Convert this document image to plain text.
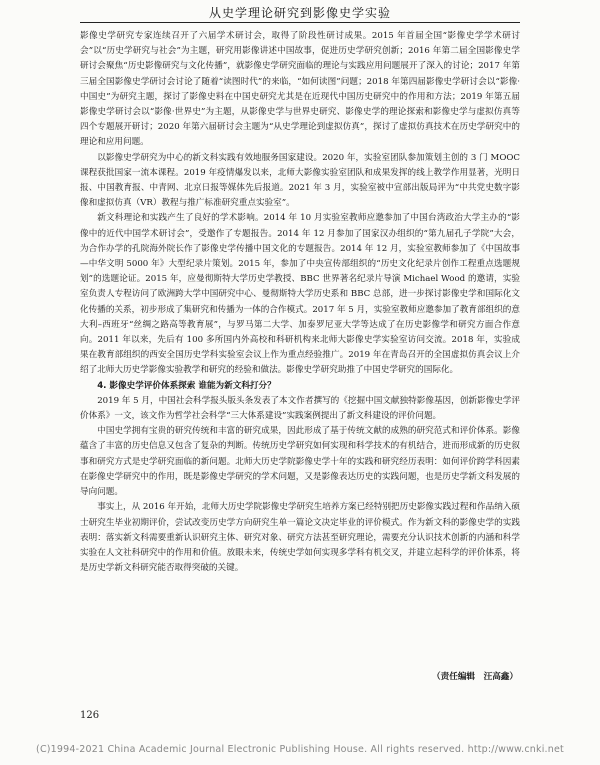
从史学理论研究到影像史学实验

影像史学研究专家连续召开了六届学术研讨会，取得了阶段性研讨成果。2015 年首届全国“影像史学学术研讨会”以“历史学研究与社会”为主题，研究用影像讲述中国故事，促进历史学研究创新；2016 年第二届全国影像史学研讨会聚焦“历史影像研究与文化传播”，就影像史学研究面临的理论与实践应用问题展开了深入的讨论；2017 年第三届全国影像史学研讨会讨论了随着“读图时代”的来临，“如何读图”问题；2018 年第四届影像史学研讨会以“影像·中国史”为研究主题，探讨了影像史料在中国史研究尤其是在近现代中国历史研究中的作用和方法；2019 年第五届影像史学研讨会以“影像·世界史”为主题，从影像史学与世界史研究、影像史学的理论探索和影像史学与虚拟仿真等四个专题展开研讨；2020 年第六届研讨会主题为“从史学理论到虚拟仿真”，探讨了虚拟仿真技术在历史学研究中的理论和应用问题。

以影像史学研究为中心的新文科实践有效地服务国家建设。2020 年，实验室团队参加策划主创的 3 门 MOOC 课程获批国家一流本课程。2019 年疫情爆发以来，北师大影像实验室团队和成果发挥的线上教学作用显著，光明日报、中国教育报、中青网、北京日报等媒体先后报道。2021 年 3 月，实验室被中宣部出版局评为“中共党史数字影像和虚拟仿真（VR）教程与推广标准研究重点实验室”。

新文科理论和实践产生了良好的学术影响。2014 年 10 月实验室教师应邀参加了中国台湾政治大学主办的“影像中的近代中国学术研讨会”，受邀作了专题报告。2014 年 12 月参加了国家汉办组织的“第九届孔子学院”大会，为合作办学的孔院海外院长作了影像史学传播中国文化的专题报告。2014 年 12 月，实验室教师参加了《中国故事—中华文明 5000 年》大型纪录片策划。2015 年，参加了中央宣传部组织的“历史文化纪录片创作工程重点选题规划”的选题论证。2015 年，应曼彻斯特大学历史学教授、BBC 世界著名纪录片导演 Michael Wood 的邀请，实验室负责人专程访问了欧洲跨大学中国研究中心、曼彻斯特大学历史系和 BBC 总部，进一步探讨影像史学和国际化文化传播的关系，初步形成了集研究和传播为一体的合作模式。2017 年 5 月，实验室教师应邀参加了教育部组织的意大利–西班牙“丝绸之路高等教育展”，与罗马第二大学、加泰罗尼亚大学等达成了在历史影像学和研究方面合作意向。2011 年以来，先后有 100 多所国内外高校和科研机构来北师大影像史学实验室访问交流。2018 年，实验成果在教育部组织的西安全国历史学科实验室会议上作为重点经验推广。2019 年在青岛召开的全国虚拟仿真会议上介绍了北师大历史学影像实验教学和研究的经验和做法。影像史学研究助推了中国史学研究的国际化。

4. 影像史学评价体系探索 谁能为新文科打分？

2019 年 5 月，中国社会科学报头版头条发表了本文作者撰写的《挖掘中国文献独特影像基因，创新影像史学评价体系》一文，该文作为哲学社会科学“三大体系建设”实践案例提出了新文科建设的评价问题。

中国史学拥有宝贵的研究传统和丰富的研究成果，因此形成了基于传统文献的成熟的研究范式和评价体系。影像蕴含了丰富的历史信息又包含了复杂的判断。传统历史学研究如何实现和科学技术的有机结合，进而形成新的历史叙事和研究方式是史学研究面临的新问题。北师大历史学院影像史学十年的实践和研究经历表明：如何评价跨学科因素在影像史学研究中的作用，既是影像史学研究的学术问题，又是影像表达历史的实践问题，也是历史学新文科发展的导向问题。

事实上，从 2016 年开始，北师大历史学院影像史学研究生培养方案已经特别把历史影像实践过程和作品纳入硕士研究生毕业初期评价，尝试改变历史学方向研究生单一篇论文决定毕业的评价模式。作为新文科的影像史学的实践表明：落实新文科需要重新认识研究主体、研究对象、研究方法甚至研究理论，需要充分认识技术创新的内涵和科学实验在人文社科研究中的作用和价值。放眼未来，传统史学如何实现多学科有机交叉，并建立起科学的评价体系，将是历史学新文科研究能否取得突破的关键。

（责任编辑　汪高鑫）
126
(C)1994-2021 China Academic Journal Electronic Publishing House. All rights reserved. http://www.cnki.net
